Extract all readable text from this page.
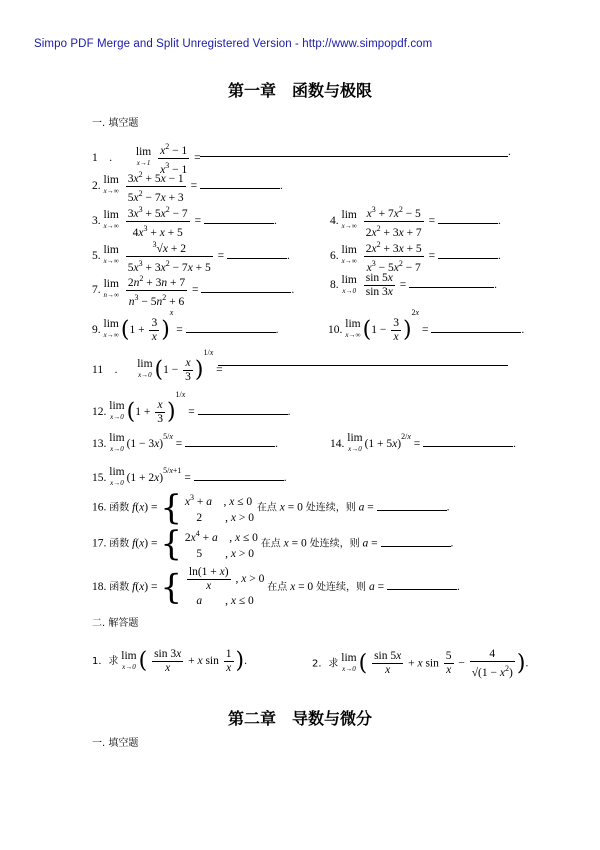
Simpo PDF Merge and Split Unregistered Version - http://www.simpopdf.com
第一章　函数与极限
一. 填空题
1　. lim
x→1
$\frac{x^2 - 1}{x^3 - 1}$ =	.
2. lim
x→∞
$\frac{3x^2 + 5x - 1}{5x^2 - 7x + 3}$ =	.
3. lim
x→∞
$\frac{3x^3 + 5x^2 - 7}{4x^3 + x + 5}$ =	.	4. lim
x→∞
$\frac{x^3 + 7x^2 - 5}{2x^2 + 3x + 7}$ =	.
5. lim
x→∞
$\frac{^3√x + 2}{5x^3 + 3x^2 - 7x + 5}$ =	.	6. lim
x→∞
$\frac{2x^2 + 3x + 5}{x^3 - 5x^2 - 7}$ =	.
7. lim
n→∞
$\frac{2n^2 + 3n + 7}{n^3 - 5n^2 + 6}$ =	.	8. lim
x→0
$\frac{\sin 5x}{\sin 3x}$ =	.
9. lim
x→∞ $(1 + \frac{3}{x} )^x$ =	.	10. lim
x→∞ $(1 - \frac{3}{x} )^{2x}$ =	.
11　. lim
x→0 $(1 - \frac{x}{3} )^{1/x}$ =
12. lim
x→0 $(1 + \frac{x}{3} )^{1/x}$ =	.
13. lim
x→0 $(1 - 3x)^{5/x}$ =	.	14. lim
x→0 $(1 + 5x)^{2/x}$ =	.
15. lim
x→0 $(1 + 2x)^{5/x+1}$ =	.
16. 函数 f(x) = { $x^3 + a$　, x ≤ 0
　2　　, x > 0 在点 x = 0 处连续，则 a =	.
17. 函数 f(x) = { $2x^4 + a$　, x ≤ 0
　5　　, x > 0 在点 x = 0 处连续，则 a =	.
18. 函数 f(x) = { $\frac{\ln(1 + x)}{x}$ , x > 0
　a　　, x ≤ 0 在点 x = 0 处连续，则 a =	.
二. 解答题
1．求 lim
x→0 ( $\frac{\sin 3x}{x} + x$ $\sin \frac{1}{x}$ ).	2．求 lim
x→0 ( $\frac{\sin 5x}{x} + x$ $\sin \frac{5}{x} - \frac{4}{√(1 - x^2)}$ ).
第二章　导数与微分
一. 填空题
